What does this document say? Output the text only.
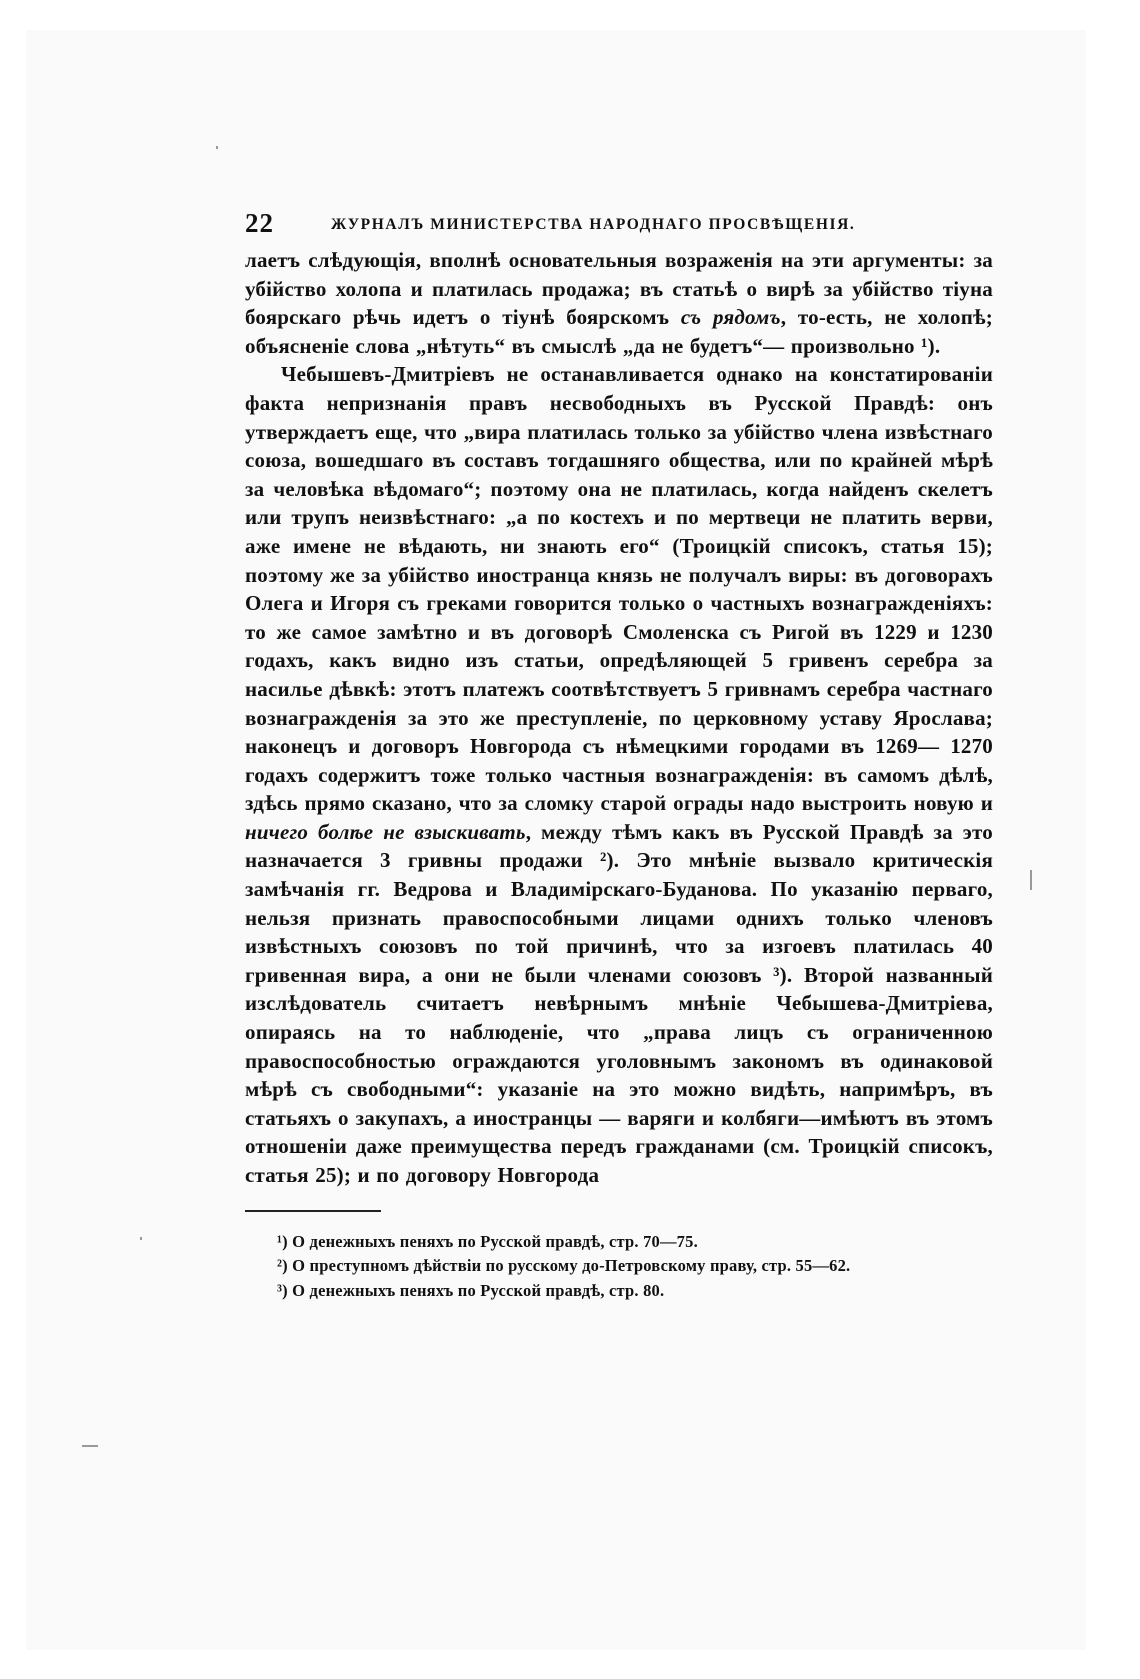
22	ЖУРНАЛЪ МИНИСТЕРСТВА НАРОДНАГО ПРОСВѢЩЕНІЯ.

лаетъ слѣдующія, вполнѣ основательныя возраженія на эти аргументы: за убійство холопа и платилась продажа; въ статьѣ о вирѣ за убійство тіуна боярскаго рѣчь идетъ о тіунѣ боярскомъ съ рядомъ, то-есть, не холопѣ; объясненіе слова „нѣтуть“ въ смыслѣ „да не будетъ“— произвольно ¹).

Чебышевъ-Дмитріевъ не останавливается однако на констатированіи факта непризнанія правъ несвободныхъ въ Русской Правдѣ: онъ утверждаетъ еще, что „вира платилась только за убійство члена извѣстнаго союза, вошедшаго въ составъ тогдашняго общества, или по крайней мѣрѣ за человѣка вѣдомаго“; поэтому она не платилась, когда найденъ скелетъ или трупъ неизвѣстнаго: „а по костехъ и по мертвеци не платить верви, аже имене не вѣдають, ни знають его“ (Троицкій списокъ, статья 15); поэтому же за убійство иностранца князь не получалъ виры: въ договорахъ Олега и Игоря съ греками говорится только о частныхъ вознагражденіяхъ: то же самое замѣтно и въ договорѣ Смоленска съ Ригой въ 1229 и 1230 годахъ, какъ видно изъ статьи, опредѣляющей 5 гривенъ серебра за насилье дѣвкѣ: этотъ платежъ соотвѣтствуетъ 5 гривнамъ серебра частнаго вознагражденія за это же преступленіе, по церковному уставу Ярослава; наконецъ и договоръ Новгорода съ нѣмецкими городами въ 1269— 1270 годахъ содержитъ тоже только частныя вознагражденія: въ самомъ дѣлѣ, здѣсь прямо сказано, что за сломку старой ограды надо выстроить новую и ничего болѣе не взыскивать, между тѣмъ какъ въ Русской Правдѣ за это назначается 3 гривны продажи ²). Это мнѣніе вызвало критическія замѣчанія гг. Ведрова и Владимірскаго-Буданова. По указанію перваго, нельзя признать правоспособными лицами однихъ только членовъ извѣстныхъ союзовъ по той причинѣ, что за изгоевъ платилась 40 гривенная вира, а они не были членами союзовъ ³). Второй названный изслѣдователь считаетъ невѣрнымъ мнѣніе Чебышева-Дмитріева, опираясь на то наблюденіе, что „права лицъ съ ограниченною правоспособностью ограждаются уголовнымъ закономъ въ одинаковой мѣрѣ съ свободными“: указаніе на это можно видѣть, напримѣръ, въ статьяхъ о закупахъ, а иностранцы — варяги и колбяги—имѣютъ въ этомъ отношеніи даже преимущества передъ гражданами (см. Троицкій списокъ, статья 25); и по договору Новгорода

¹) О денежныхъ пеняхъ по Русской правдѣ, стр. 70—75.
²) О преступномъ дѣйствіи по русскому до-Петровскому праву, стр. 55—62.
³) О денежныхъ пеняхъ по Русской правдѣ, стр. 80.
